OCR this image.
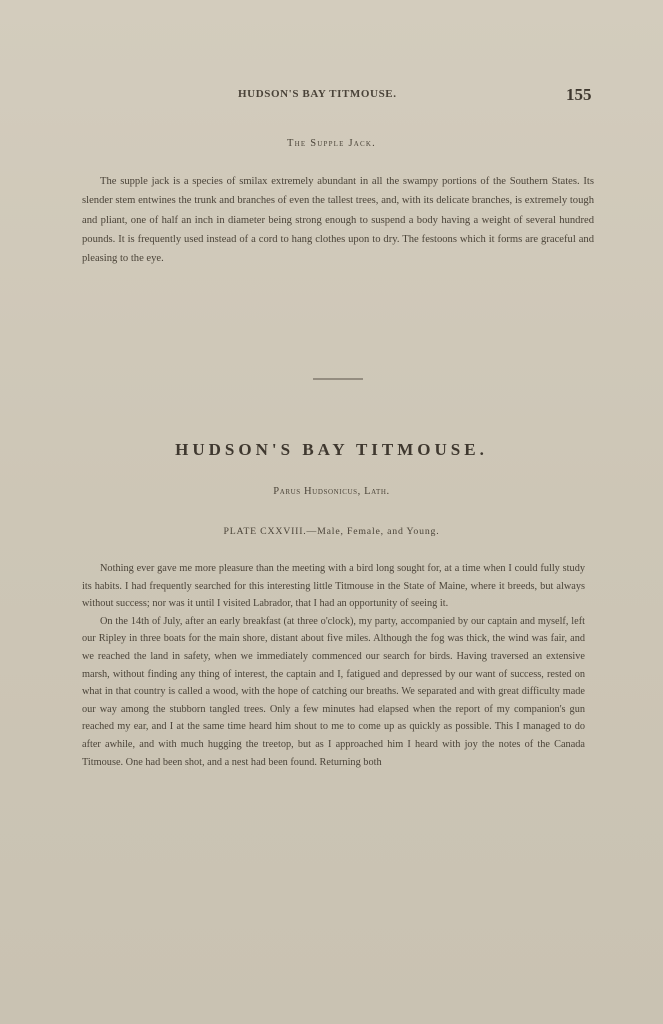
HUDSON'S BAY TITMOUSE.	155
The Supple Jack.

The supple jack is a species of smilax extremely abundant in all the swampy portions of the Southern States. Its slender stem entwines the trunk and branches of even the tallest trees, and, with its delicate branches, is extremely tough and pliant, one of half an inch in diameter being strong enough to suspend a body having a weight of several hundred pounds. It is frequently used instead of a cord to hang clothes upon to dry. The festoons which it forms are graceful and pleasing to the eye.

HUDSON'S BAY TITMOUSE.
Parus Hudsonicus, Lath.
PLATE CXXVIII.—Male, Female, and Young.

Nothing ever gave me more pleasure than the meeting with a bird long sought for, at a time when I could fully study its habits. I had frequently searched for this interesting little Titmouse in the State of Maine, where it breeds, but always without success; nor was it until I visited Labrador, that I had an opportunity of seeing it.

On the 14th of July, after an early breakfast (at three o'clock), my party, accompanied by our captain and myself, left our Ripley in three boats for the main shore, distant about five miles. Although the fog was thick, the wind was fair, and we reached the land in safety, when we immediately commenced our search for birds. Having traversed an extensive marsh, without finding any thing of interest, the captain and I, fatigued and depressed by our want of success, rested on what in that country is called a wood, with the hope of catching our breaths. We separated and with great difficulty made our way among the stubborn tangled trees. Only a few minutes had elapsed when the report of my companion's gun reached my ear, and I at the same time heard him shout to me to come up as quickly as possible. This I managed to do after awhile, and with much hugging the treetop, but as I approached him I heard with joy the notes of the Canada Titmouse. One had been shot, and a nest had been found. Returning both
